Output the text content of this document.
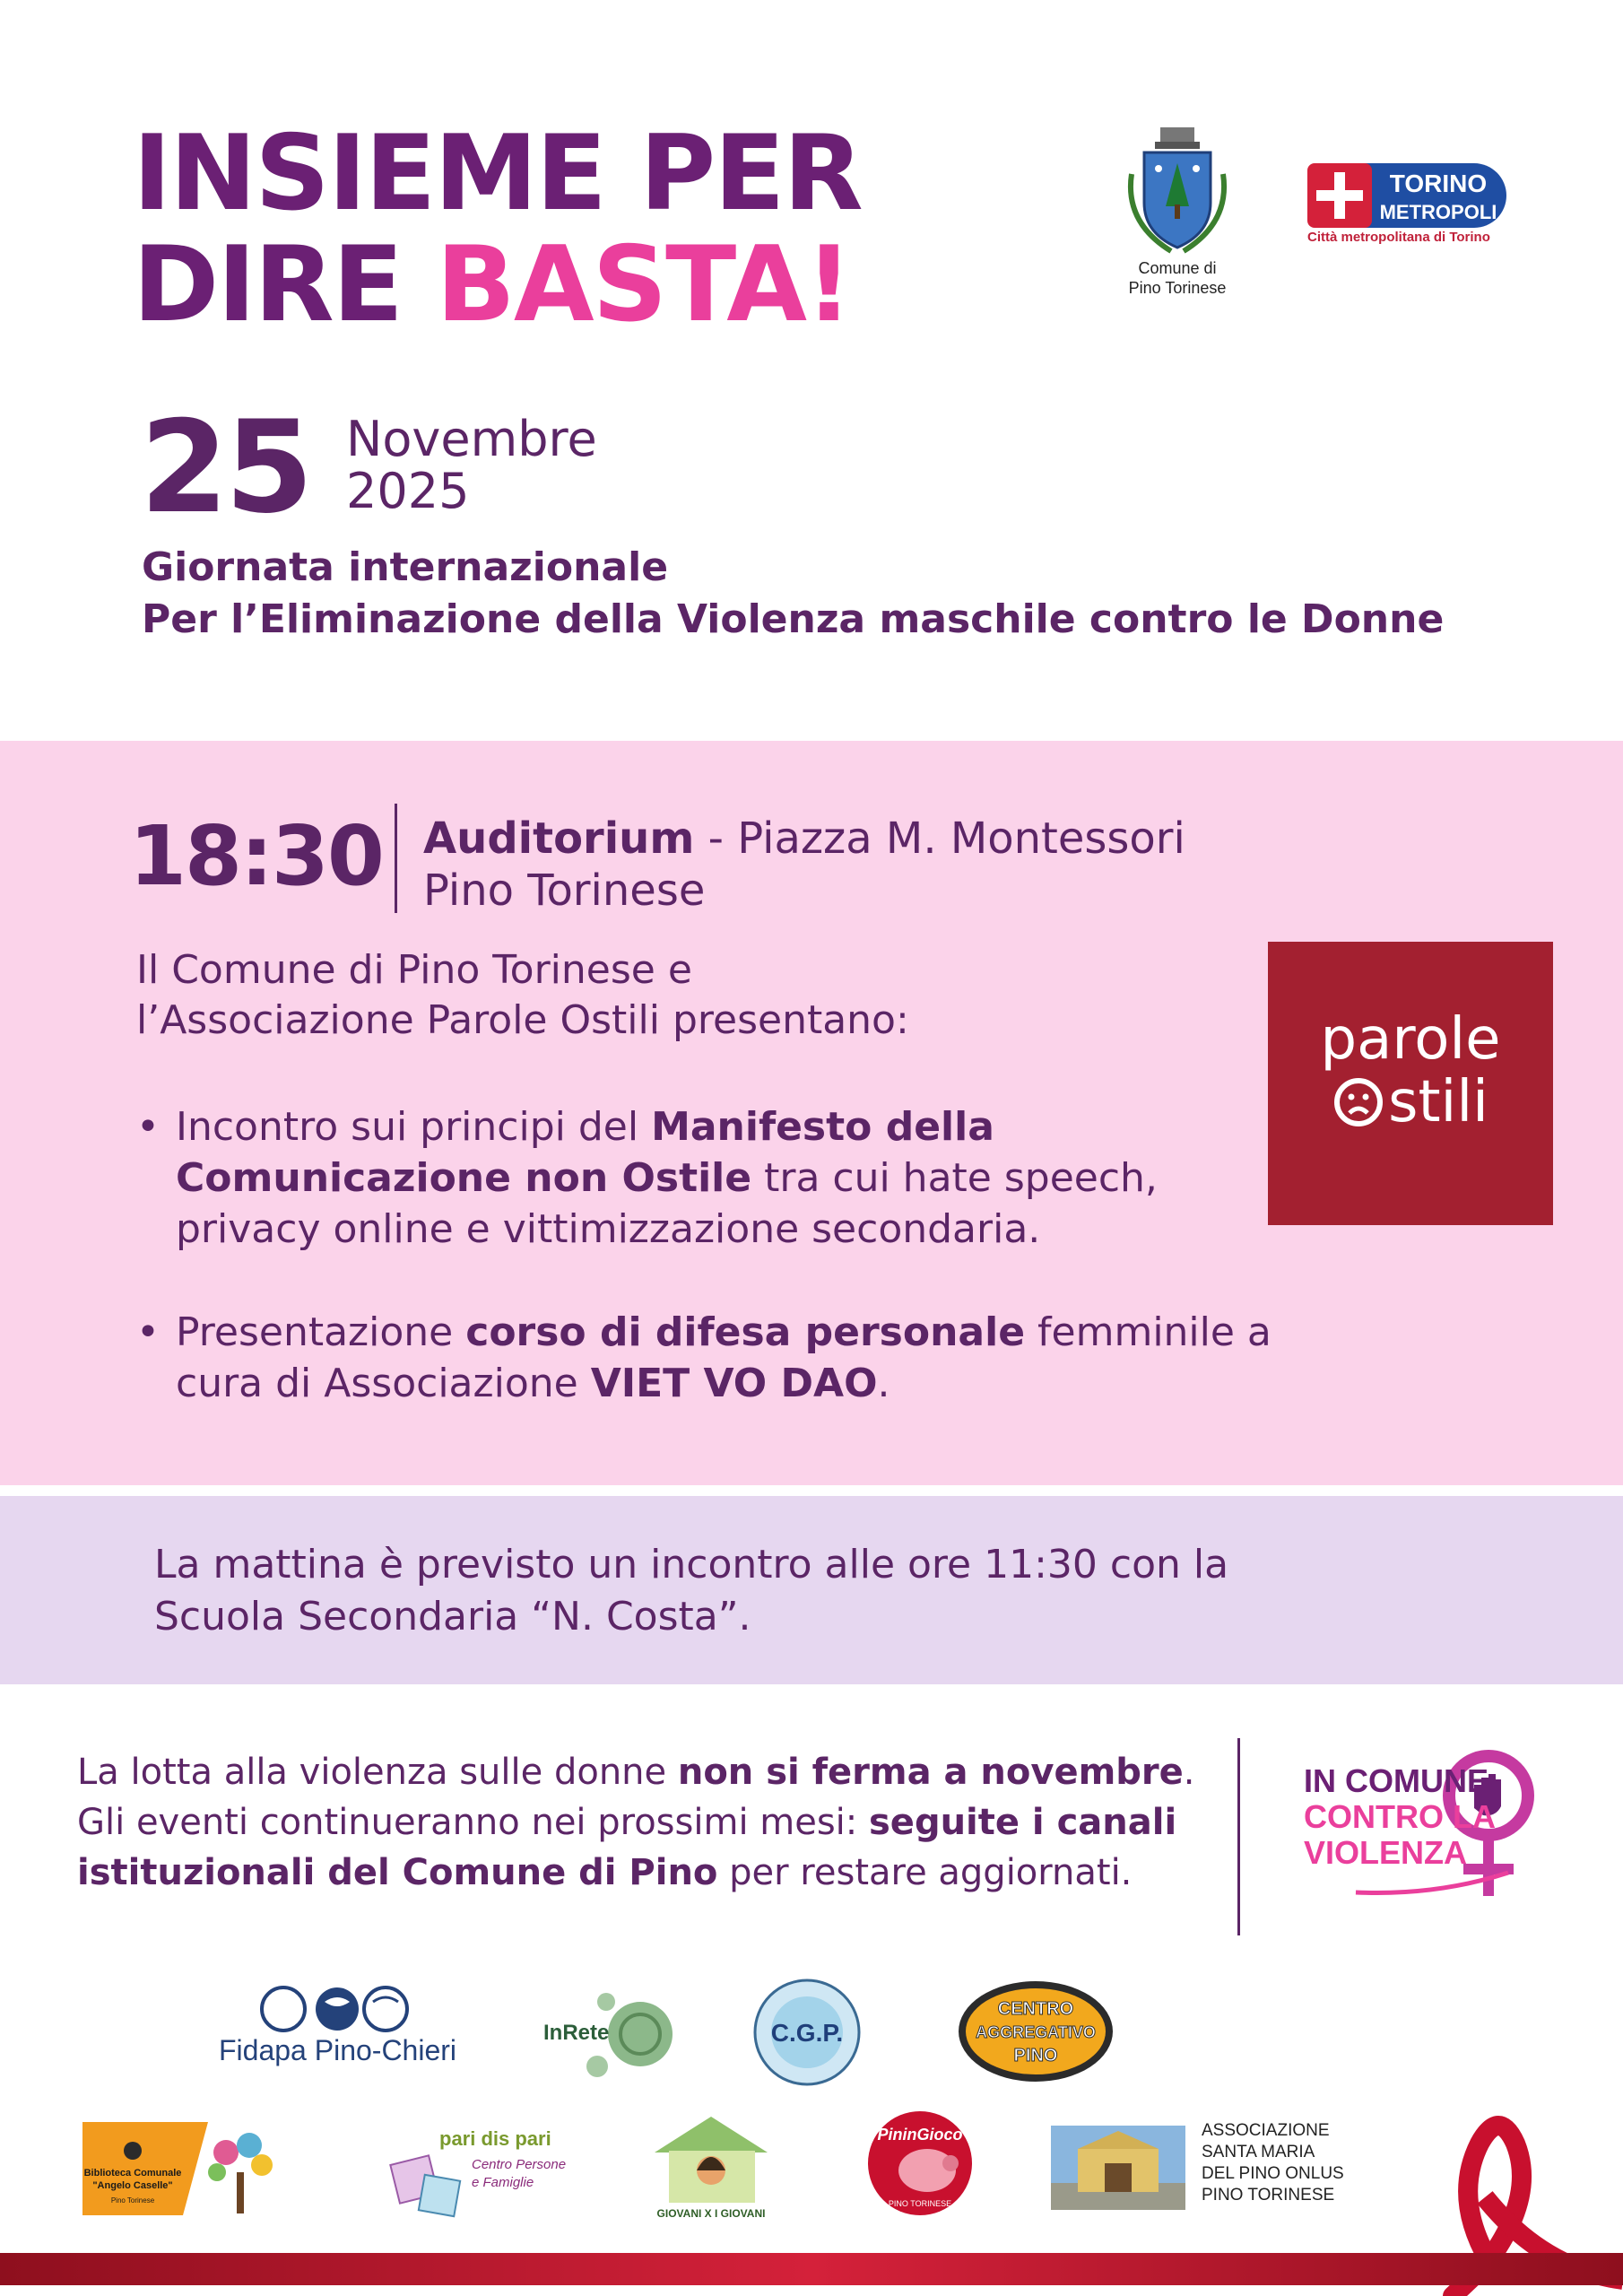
INSIEME PER
DIRE BASTA!	Comune di
Pino Torinese
TORINO
METROPOLI
Città metropolitana di Torino
25 Novembre
2025
Giornata internazionale
Per l’Eliminazione della Violenza maschile contro le Donne
18:30 Auditorium - Piazza M. Montessori
Pino Torinese
Il Comune di Pino Torinese e
l’Associazione Parole Ostili presentano:
• Incontro sui principi del Manifesto della Comunicazione non Ostile tra cui hate speech, privacy online e vittimizzazione secondaria.
• Presentazione corso di difesa personale femminile a cura di Associazione VIET VO DAO.
parole
stili
La mattina è previsto un incontro alle ore 11:30 con la
Scuola Secondaria “N. Costa”.
La lotta alla violenza sulle donne non si ferma a novembre.
Gli eventi continueranno nei prossimi mesi: seguite i canali
istituzionali del Comune di Pino per restare aggiornati.
IN COMUNE
CONTRO LA
VIOLENZA
Fidapa Pino-Chieri
InRete	C.G.P.
CENTRO
AGGREGATIVO
PINO
Biblioteca Comunale
"Angelo Caselle"
Pino Torinese
pari dis pari
Centro Persone
e Famiglie
GIOVANI X I GIOVANI
PininGioco
PINO TORINESE
ASSOCIAZIONE
SANTA MARIA
DEL PINO ONLUS
PINO TORINESE
